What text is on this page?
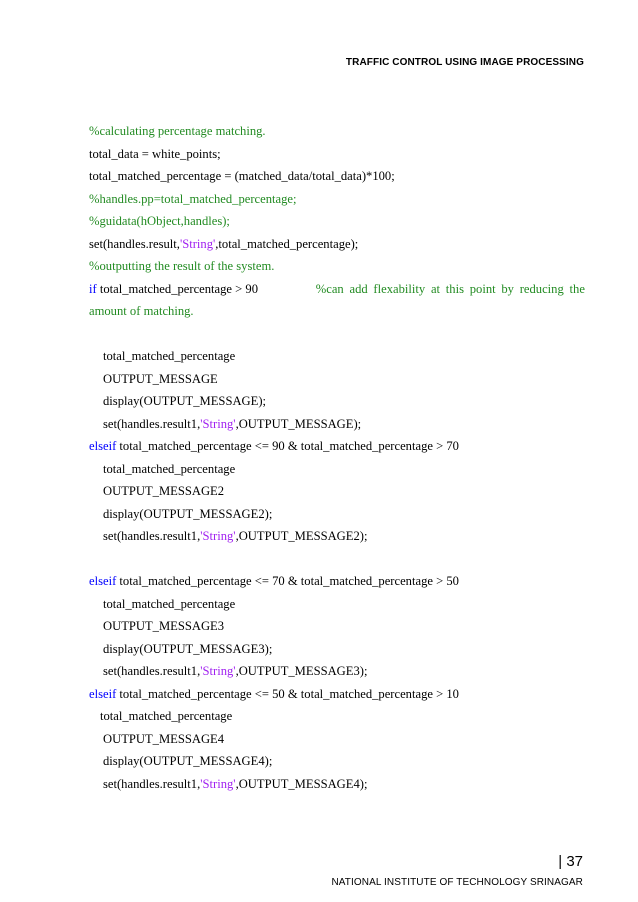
TRAFFIC CONTROL USING IMAGE PROCESSING
%calculating percentage matching.
total_data = white_points;
total_matched_percentage = (matched_data/total_data)*100;
%handles.pp=total_matched_percentage;
%guidata(hObject,handles);
set(handles.result,'String',total_matched_percentage);
%outputting the result of the system.
if total_matched_percentage > 90	%can add flexability at this point by reducing the
amount of matching.
total_matched_percentage
OUTPUT_MESSAGE
display(OUTPUT_MESSAGE);
set(handles.result1,'String',OUTPUT_MESSAGE);
elseif total_matched_percentage <= 90 & total_matched_percentage > 70
total_matched_percentage
OUTPUT_MESSAGE2
display(OUTPUT_MESSAGE2);
set(handles.result1,'String',OUTPUT_MESSAGE2);
elseif total_matched_percentage <= 70 & total_matched_percentage > 50
total_matched_percentage
OUTPUT_MESSAGE3
display(OUTPUT_MESSAGE3);
set(handles.result1,'String',OUTPUT_MESSAGE3);
elseif total_matched_percentage <= 50 & total_matched_percentage > 10
total_matched_percentage
OUTPUT_MESSAGE4
display(OUTPUT_MESSAGE4);
set(handles.result1,'String',OUTPUT_MESSAGE4);
| 37
NATIONAL INSTITUTE OF TECHNOLOGY SRINAGAR
